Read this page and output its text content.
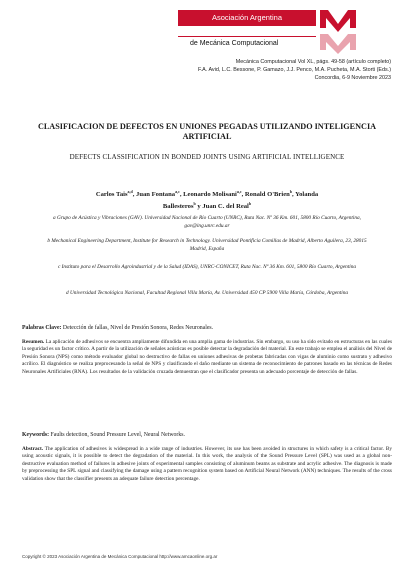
Asociación Argentina
de Mecánica Computacional
Mecánica Computacional Vol XL, págs. 49-58 (artículo completo)
F.A. Avid, L.C. Bessone, P. Gamazo, J.J. Penco, M.A. Pucheta, M.A. Storti (Eds.)
Concordia, 6-9 Noviembre 2023
CLASIFICACION DE DEFECTOS EN UNIONES PEGADAS UTILIZANDO INTELIGENCIA ARTIFICIAL
DEFECTS CLASSIFICATION IN BONDED JOINTS USING ARTIFICIAL INTELLIGENCE
Carlos Tais$^{a,d}$, Juan Fontana$^{a,c}$, Leonardo Molisani$^{a,c}$, Ronald O'Brien$^b$, Yolanda
Ballesteros$^b$ y Juan C. del Real$^b$
a Grupo de Acústica y Vibraciones (GAV). Universidad Nacional de Río Cuarto (UNRC), Ruta Nac. Nº 36 Km. 601, 5800 Río Cuarto, Argentina, gav@ing.unrc.edu.ar
b Mechanical Engineering Department, Institute for Research in Technology. Universidad Pontificia Comillas de Madrid, Alberto Aguilera, 23, 28015 Madrid, España
c Instituto para el Desarrollo Agroindustrial y de la Salud (IDAS), UNRC-CONICET, Ruta Nac. Nº 36 Km. 601, 5800 Río Cuarto, Argentina
d Universidad Tecnológica Nacional, Facultad Regional Villa María, Av. Universidad 450 CP 5900 Villa María, Córdoba, Argentina
Palabras Clave: Detección de fallas, Nivel de Presión Sonora, Redes Neuronales.
Resumen. La aplicación de adhesivos se encuentra ampliamente difundida en una amplia gama de industrias. Sin embargo, su uso ha sido evitado en estructuras en las cuales la seguridad es un factor crítico. A partir de la utilización de señales acústicas es posible detectar la degradación del material. En este trabajo se emplea el análisis del Nivel de Presión Sonora (NPS) como método evaluador global no destructivo de fallas en uniones adhesivas de probetas fabricadas con vigas de aluminio como sustrato y adhesivo acrílico. El diagnóstico se realiza preprocesando la señal de NPS y clasificando el daño mediante un sistema de reconocimiento de patrones basado en las técnicas de Redes Neuronales Artificiales (RNA). Los resultados de la validación cruzada demuestran que el clasificador presenta un adecuado porcentaje de detección de fallas.
Keywords: Faults detection, Sound Pressure Level, Neural Networks.
Abstract. The application of adhesives is widespread in a wide range of industries. However, its use has been avoided in structures in which safety is a critical factor. By using acoustic signals, it is possible to detect the degradation of the material. In this work, the analysis of the Sound Pressure Level (SPL) was used as a global non-destructive evaluation method of failures in adhesive joints of experimental samples consisting of aluminum beams as substrate and acrylic adhesive. The diagnosis is made by preprocessing the SPL signal and classifying the damage using a pattern recognition system based on Artificial Neural Network (ANN) techniques. The results of the cross validation show that the classifier presents an adequate failure detection percentage.
Copyright © 2023 Asociación Argentina de Mecánica Computacional http://www.amcaonline.org.ar
